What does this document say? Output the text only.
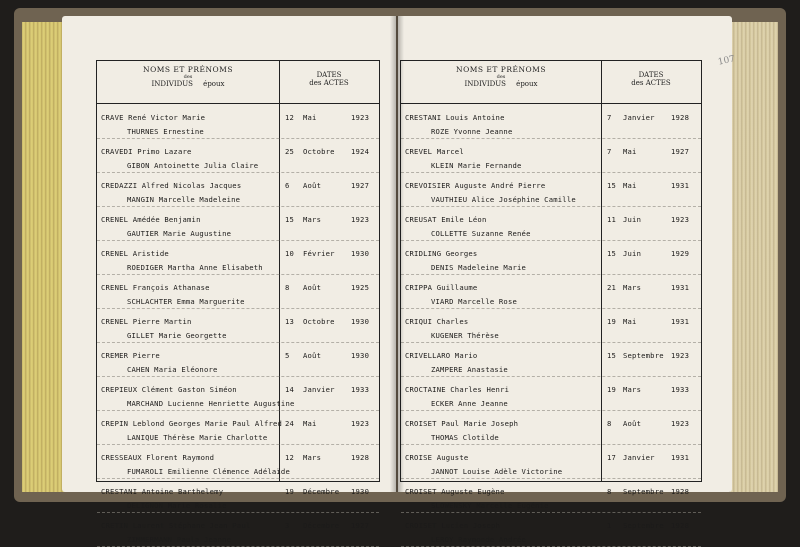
NOMS ET PRÉNOMS
des
INDIVIDUS époux
DATES
des ACTES
CRAVE René Victor Marie
THURNES Ernestine
12 Mai	1923
CRAVEDI Primo Lazare
GIBON Antoinette Julia Claire
25 Octobre 1924
CREDAZZI Alfred Nicolas Jacques
MANGIN Marcelle Madeleine
6 Août	1927
CRENEL Amédée Benjamin
GAUTIER Marie Augustine
15 Mars	1923
CRENEL Aristide
ROEDIGER Martha Anne Elisabeth
10 Février 1930
CRENEL François Athanase
SCHLACHTER Emma Marguerite
8 Août	1925
CRENEL Pierre Martin
GILLET Marie Georgette
13 Octobre 1930
CREMER Pierre
CAHEN Maria Eléonore
5 Août	1930
CREPIEUX Clément Gaston Siméon
MARCHAND Lucienne Henriette Augustine
14 Janvier 1933
CREPIN Leblond Georges Marie Paul Alfred
LANIQUE Thérèse Marie Charlotte
24 Mai	1923
CRESSEAUX Florent Raymond
FUMAROLI Emilienne Clémence Adélaïde
12 Mars	1928
CRESTANI Antoine Barthelemy
DELIGNON Marie Rosalie
19 Décembre 1930
CRETIN Laurent Stéphane Jean Paul
ZIMMERMANN Paula Jeanne
3 Décembre 1927
NOMS ET PRÉNOMS
des
INDIVIDUS époux
DATES
des ACTES
CRESTANI Louis Antoine
ROZE Yvonne Jeanne
7 Janvier 1928
CREVEL Marcel
KLEIN Marie Fernande
7 Mai	1927
CREVOISIER Auguste André Pierre
VAUTHIEU Alice Joséphine Camille
15 Mai	1931
CREUSAT Emile Léon
COLLETTE Suzanne Renée
11 Juin	1923
CRIDLING Georges
DENIS Madeleine Marie
15 Juin	1929
CRIPPA Guillaume
VIARD Marcelle Rose
21 Mars	1931
CRIQUI Charles
KUGENER Thérèse
19 Mai	1931
CRIVELLARO Mario
ZAMPERE Anastasie
15 Septembre 1923
CROCTAINE Charles Henri
ECKER Anne Jeanne
19 Mars	1933
CROISET Paul Marie Joseph
THOMAS Clotilde
8 Août	1923
CROISE Auguste
JANNOT Louise Adèle Victorine
17 Janvier 1931
CROISET Auguste Eugène
SLOWENSKY Marcelle Eugénie
8 Septembre 1928
CROISET Lucien Joseph
LEROY Raymonde Andrée
1 Septembre 1928
107
